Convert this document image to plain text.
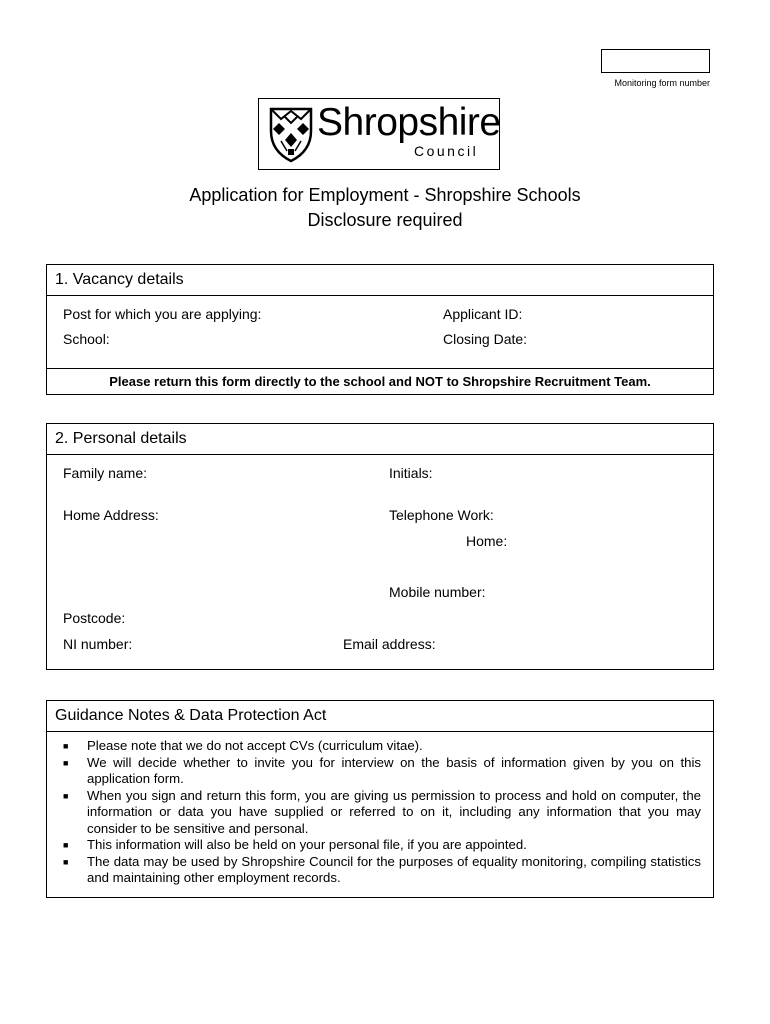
Monitoring form number
Shropshire
Council
Application for Employment - Shropshire Schools
Disclosure required
1. Vacancy details
Post for which you are applying:	Applicant ID:
School:	Closing Date:
Please return this form directly to the school and NOT to Shropshire Recruitment Team.
2. Personal details
Family name:	Initials:
Home Address:	Telephone Work:
Home:
Mobile number:
Postcode:
NI number:	Email address:
Guidance Notes & Data Protection Act
■ Please note that we do not accept CVs (curriculum vitae).
■ We will decide whether to invite you for interview on the basis of information given by you on this application form.
■ When you sign and return this form, you are giving us permission to process and hold on computer, the information or data you have supplied or referred to on it, including any information that you may consider to be sensitive and personal.
■ This information will also be held on your personal file, if you are appointed.
■ The data may be used by Shropshire Council for the purposes of equality monitoring, compiling statistics and maintaining other employment records.
